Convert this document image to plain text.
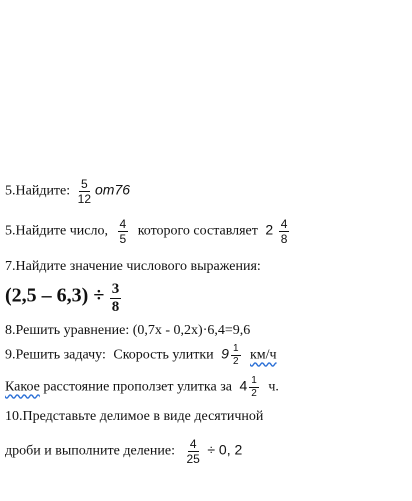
5.Найдите: $\frac{5}{12} от76$
5.Найдите число, $\frac{4}{5}$ которого составляет $2 \frac{4}{8}$
7.Найдите значение числового выражения:
$(2,5 - 6,3) \div \frac{3}{8}$
8.Решить уравнение: (0,7x - 0,2x)·6,4=9,6
9.Решить задачу: Скорость улитки $9 \frac{1}{2} км/ч$
Какое расстояние проползет улитка за $4 \frac{1}{2} ч$.
10.Представьте делимое в виде десятичной
дроби и выполните деление: $\frac{4}{25} \div 0$, 2
